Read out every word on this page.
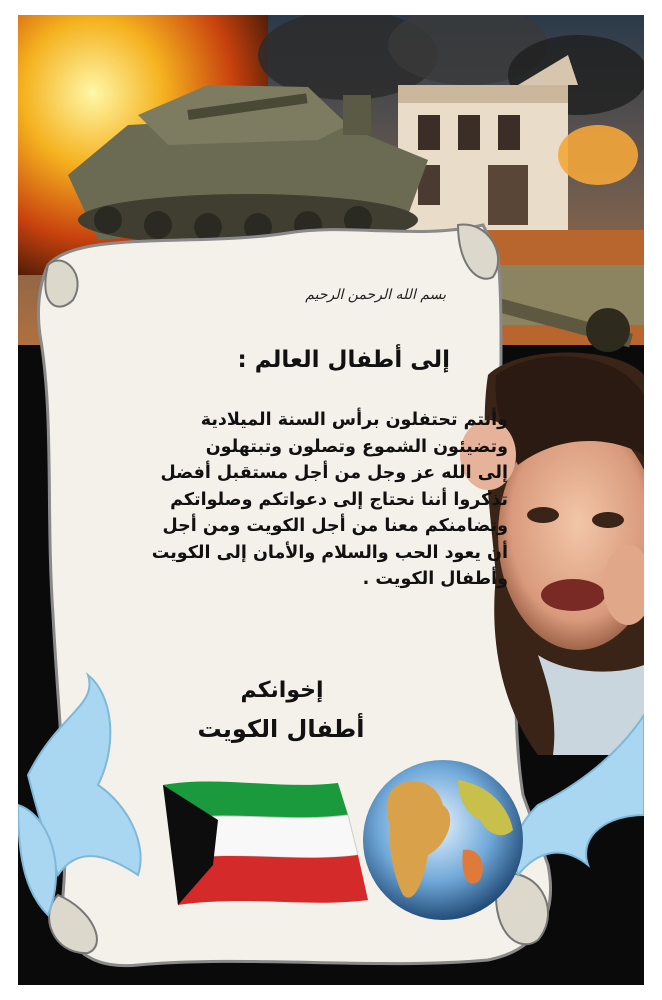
بسم الله الرحمن الرحيم
إلى أطفال العالم :
وأنتم تحتفلون برأس السنة الميلادية
وتضيئون الشموع وتصلون وتبتهلون
إلى الله عز وجل من أجل مستقبل أفضل
تذكروا أننا نحتاج إلى دعواتكم وصلواتكم
وتضامنكم معنا من أجل الكويت ومن أجل
أن يعود الحب والسلام والأمان إلى الكويت
وأطفال الكويت .
إخوانكم
أطفال الكويت
